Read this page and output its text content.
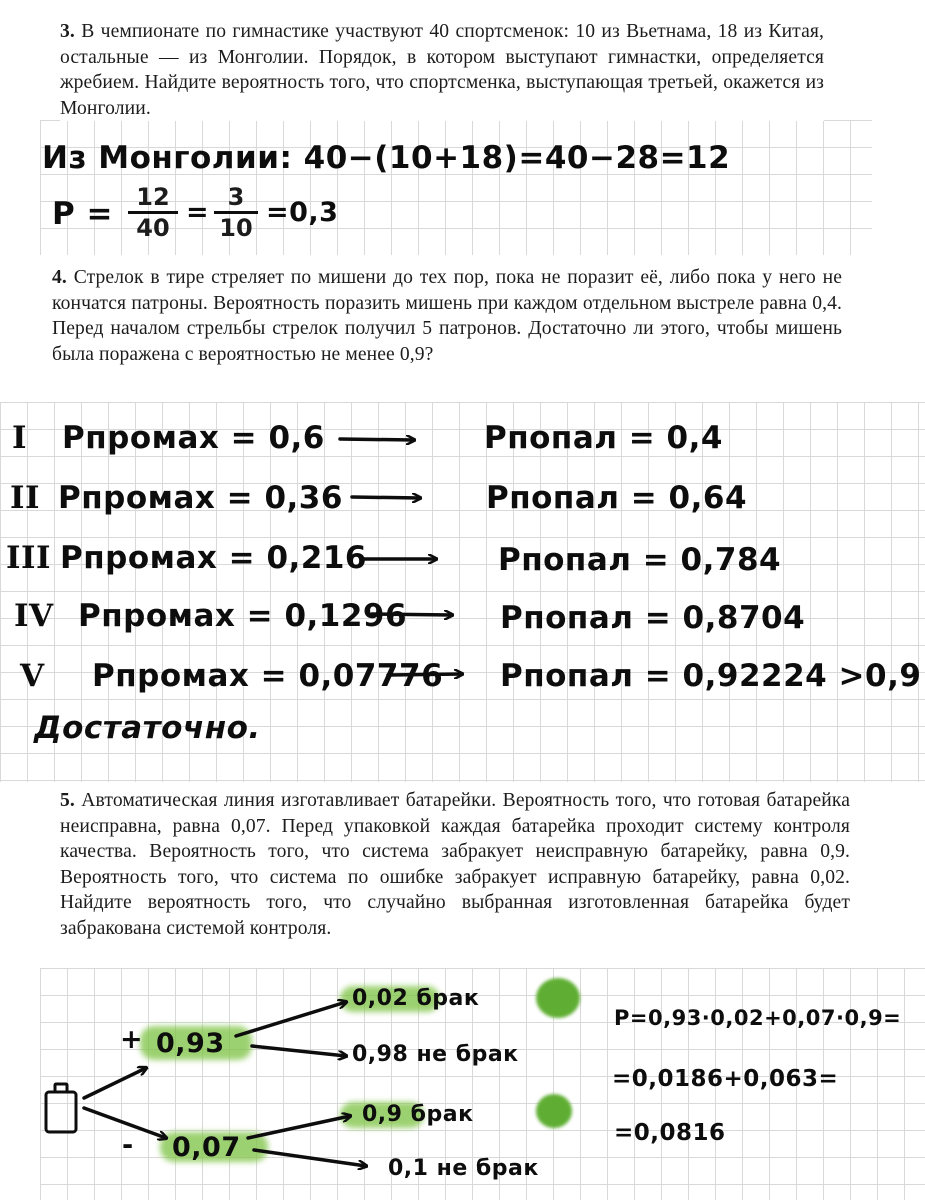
3. В чемпионате по гимнастике участвуют 40 спортсменок: 10 из Вьетнама, 18 из Китая, остальные — из Монголии. Порядок, в котором выступают гимнастки, определяется жребием. Найдите вероятность того, что спортсменка, выступающая третьей, окажется из Монголии.
Из Монголии: 40−(10+18)=40−28=12
P = 12
40 = 3
10 =0,3
4. Стрелок в тире стреляет по мишени до тех пор, пока не поразит её, либо пока у него не кончатся патроны. Вероятность поразить мишень при каждом отдельном выстреле равна 0,4. Перед началом стрельбы стрелок получил 5 патронов. Достаточно ли этого, чтобы мишень была поражена с вероятностью не менее 0,9?
I Pпромах = 0,6	Pпопал = 0,4
II Pпромах = 0,36	Pпопал = 0,64
III Pпромах = 0,216	Pпопал = 0,784
IV Pпромах = 0,1296	Pпопал = 0,8704
V Pпромах = 0,07776 Pпопал = 0,92224 >0,9
Достаточно.
5. Автоматическая линия изготавливает батарейки. Вероятность того, что готовая батарейка неисправна, равна 0,07. Перед упаковкой каждая батарейка проходит систему контроля качества. Вероятность того, что система забракует неисправную батарейку, равна 0,9. Вероятность того, что система по ошибке забракует исправную батарейку, равна 0,02. Найдите вероятность того, что случайно выбранная изготовленная батарейка будет забракована системой контроля.
+
-
0,93
0,07
0,02 брак
0,98 не брак
0,9 брак
0,1 не брак
P=0,93·0,02+0,07·0,9=
=0,0186+0,063=
=0,0816
